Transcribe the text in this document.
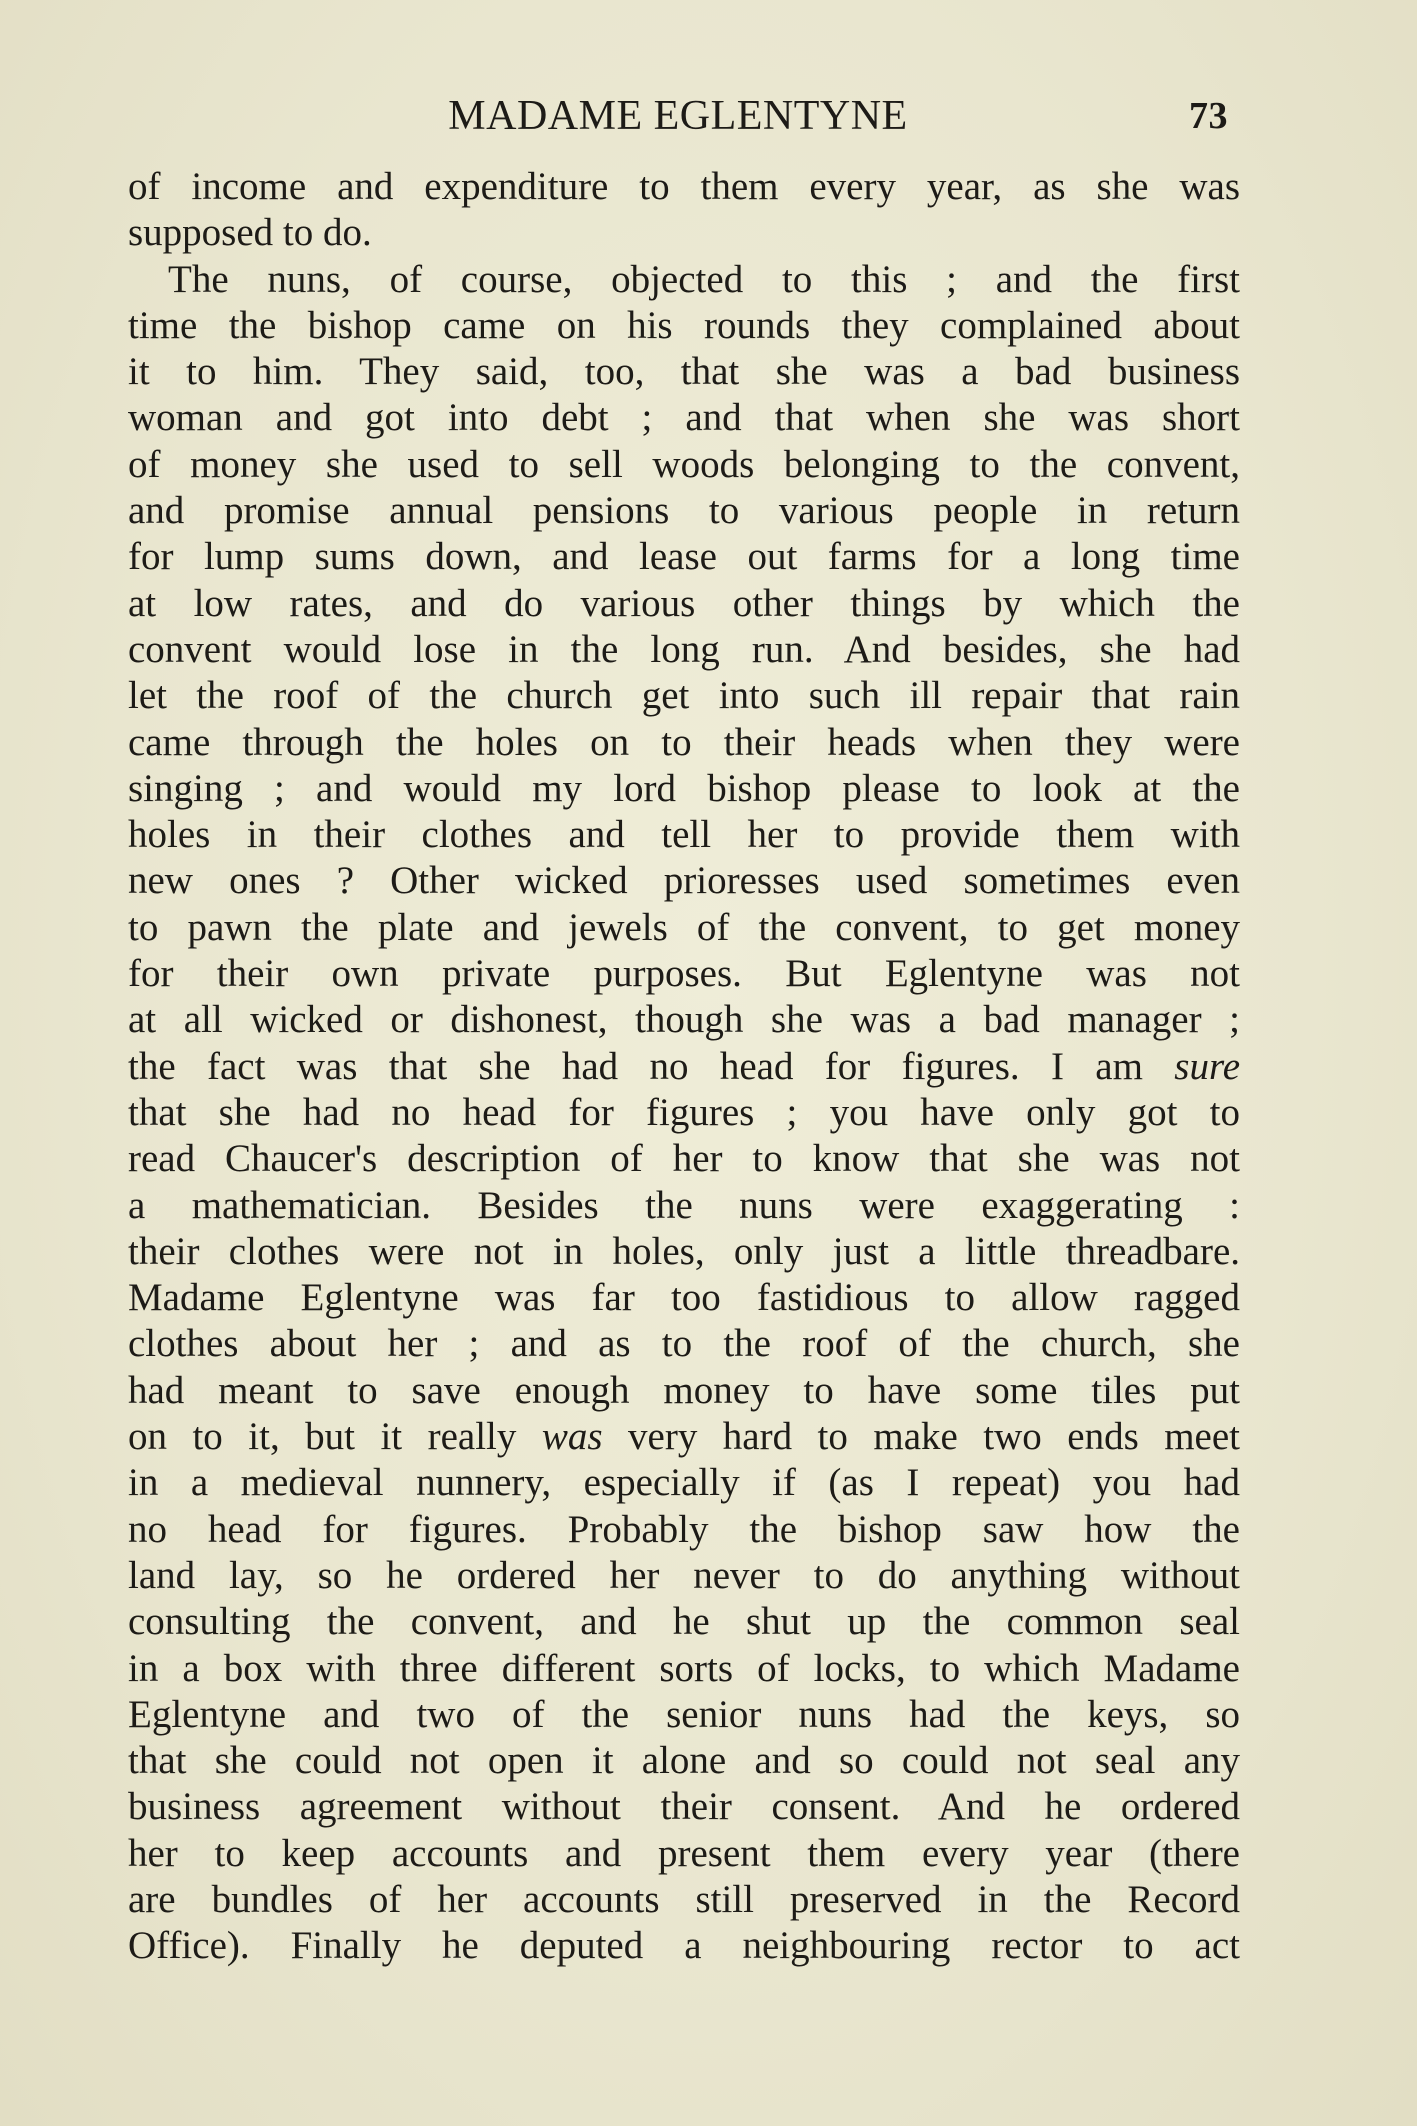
MADAME EGLENTYNE	73
of income and expenditure to them every year, as she was
supposed to do.
The nuns, of course, objected to this ; and the first
time the bishop came on his rounds they complained about
it to him. They said, too, that she was a bad business
woman and got into debt ; and that when she was short
of money she used to sell woods belonging to the convent,
and promise annual pensions to various people in return
for lump sums down, and lease out farms for a long time
at low rates, and do various other things by which the
convent would lose in the long run. And besides, she had
let the roof of the church get into such ill repair that rain
came through the holes on to their heads when they were
singing ; and would my lord bishop please to look at the
holes in their clothes and tell her to provide them with
new ones ? Other wicked prioresses used sometimes even
to pawn the plate and jewels of the convent, to get money
for their own private purposes. But Eglentyne was not
at all wicked or dishonest, though she was a bad manager ;
the fact was that she had no head for figures. I am sure
that she had no head for figures ; you have only got to
read Chaucer's description of her to know that she was not
a mathematician. Besides the nuns were exaggerating :
their clothes were not in holes, only just a little threadbare.
Madame Eglentyne was far too fastidious to allow ragged
clothes about her ; and as to the roof of the church, she
had meant to save enough money to have some tiles put
on to it, but it really was very hard to make two ends meet
in a medieval nunnery, especially if (as I repeat) you had
no head for figures. Probably the bishop saw how the
land lay, so he ordered her never to do anything without
consulting the convent, and he shut up the common seal
in a box with three different sorts of locks, to which Madame
Eglentyne and two of the senior nuns had the keys, so
that she could not open it alone and so could not seal any
business agreement without their consent. And he ordered
her to keep accounts and present them every year (there
are bundles of her accounts still preserved in the Record
Office). Finally he deputed a neighbouring rector to act
